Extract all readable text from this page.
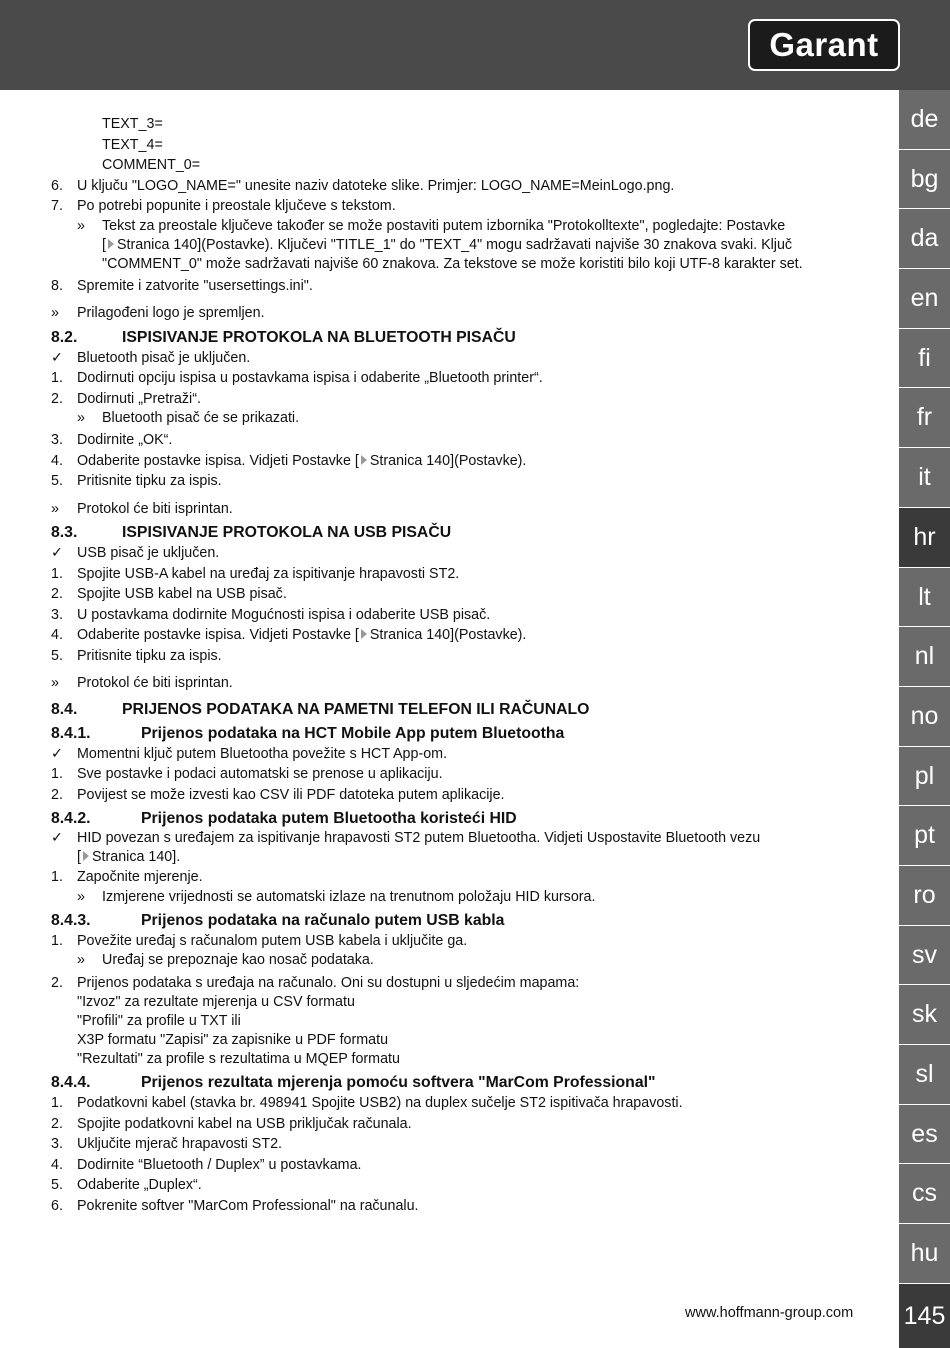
Garant
de
bg
da
en
fi
fr
it
hr
lt
nl
no
pl
pt
ro
sv
sk
sl
es
cs
hu
145
TEXT_3=
TEXT_4=
COMMENT_0=
6. U ključu "LOGO_NAME=" unesite naziv datoteke slike. Primjer: LOGO_NAME=MeinLogo.png.
7. Po potrebi popunite i preostale ključeve s tekstom.
» Tekst za preostale ključeve također se može postaviti putem izbornika "Protokolltexte", pogledajte: Postavke
[ Stranica 140](Postavke). Ključevi "TITLE_1" do "TEXT_4" mogu sadržavati najviše 30 znakova svaki. Ključ
"COMMENT_0" može sadržavati najviše 60 znakova. Za tekstove se može koristiti bilo koji UTF-8 karakter set.
8. Spremite i zatvorite "usersettings.ini".
» Prilagođeni logo je spremljen.
8.2.	ISPISIVANJE PROTOKOLA NA BLUETOOTH PISAČU
✓ Bluetooth pisač je uključen.
1. Dodirnuti opciju ispisa u postavkama ispisa i odaberite „Bluetooth printer“.
2. Dodirnuti „Pretraži“.
» Bluetooth pisač će se prikazati.
3. Dodirnite „OK“.
4. Odaberite postavke ispisa. Vidjeti Postavke [ Stranica 140](Postavke).
5. Pritisnite tipku za ispis.
» Protokol će biti isprintan.
8.3.	ISPISIVANJE PROTOKOLA NA USB PISAČU
✓ USB pisač je uključen.
1. Spojite USB-A kabel na uređaj za ispitivanje hrapavosti ST2.
2. Spojite USB kabel na USB pisač.
3. U postavkama dodirnite Mogućnosti ispisa i odaberite USB pisač.
4. Odaberite postavke ispisa. Vidjeti Postavke [ Stranica 140](Postavke).
5. Pritisnite tipku za ispis.
» Protokol će biti isprintan.
8.4.	PRIJENOS PODATAKA NA PAMETNI TELEFON ILI RAČUNALO
8.4.1.	Prijenos podataka na HCT Mobile App putem Bluetootha
✓ Momentni ključ putem Bluetootha povežite s HCT App-om.
1. Sve postavke i podaci automatski se prenose u aplikaciju.
2. Povijest se može izvesti kao CSV ili PDF datoteka putem aplikacije.
8.4.2.	Prijenos podataka putem Bluetootha koristeći HID
✓ HID povezan s uređajem za ispitivanje hrapavosti ST2 putem Bluetootha. Vidjeti Uspostavite Bluetooth vezu
[ Stranica 140].
1. Započnite mjerenje.
» Izmjerene vrijednosti se automatski izlaze na trenutnom položaju HID kursora.
8.4.3.	Prijenos podataka na računalo putem USB kabla
1. Povežite uređaj s računalom putem USB kabela i uključite ga.
» Uređaj se prepoznaje kao nosač podataka.
2. Prijenos podataka s uređaja na računalo. Oni su dostupni u sljedećim mapama:
"Izvoz" za rezultate mjerenja u CSV formatu
"Profili" za profile u TXT ili
X3P formatu "Zapisi" za zapisnike u PDF formatu
"Rezultati" za profile s rezultatima u MQEP formatu
8.4.4.	Prijenos rezultata mjerenja pomoću softvera "MarCom Professional"
1. Podatkovni kabel (stavka br. 498941 Spojite USB2) na duplex sučelje ST2 ispitivača hrapavosti.
2. Spojite podatkovni kabel na USB priključak računala.
3. Uključite mjerač hrapavosti ST2.
4. Dodirnite “Bluetooth / Duplex” u postavkama.
5. Odaberite „Duplex“.
6. Pokrenite softver "MarCom Professional" na računalu.
www.hoffmann-group.com
